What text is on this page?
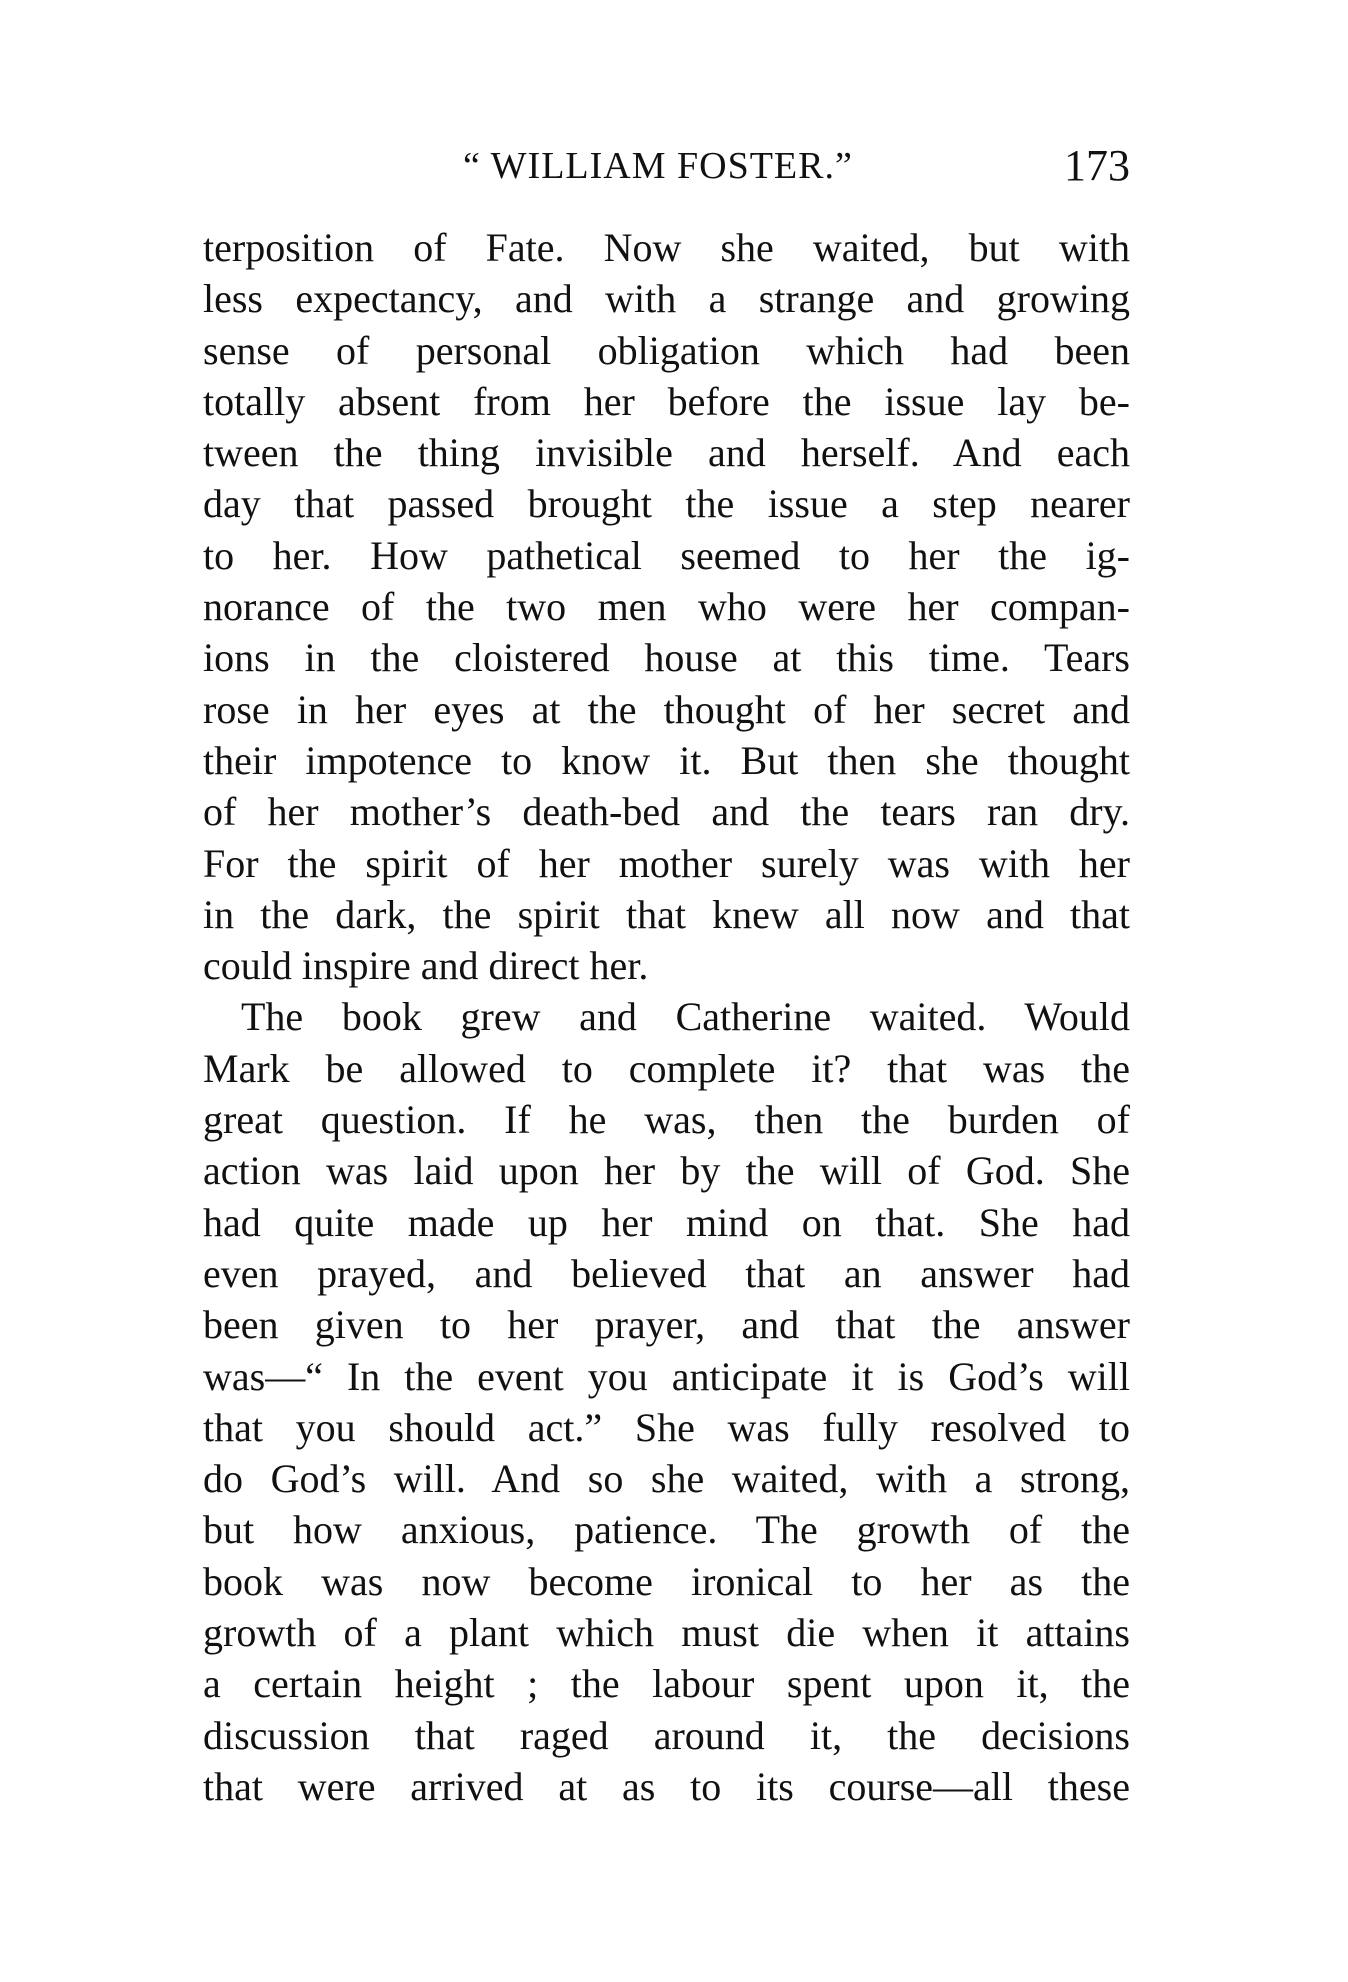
“ WILLIAM FOSTER.”	173
terposition of Fate. Now she waited, but with
less expectancy, and with a strange and growing
sense of personal obligation which had been
totally absent from her before the issue lay be-
tween the thing invisible and herself. And each
day that passed brought the issue a step nearer
to her. How pathetical seemed to her the ig-
norance of the two men who were her compan-
ions in the cloistered house at this time. Tears
rose in her eyes at the thought of her secret and
their impotence to know it. But then she thought
of her mother’s death-bed and the tears ran dry.
For the spirit of her mother surely was with her
in the dark, the spirit that knew all now and that
could inspire and direct her.
The book grew and Catherine waited. Would
Mark be allowed to complete it? that was the
great question. If he was, then the burden of
action was laid upon her by the will of God. She
had quite made up her mind on that. She had
even prayed, and believed that an answer had
been given to her prayer, and that the answer
was—“ In the event you anticipate it is God’s will
that you should act.” She was fully resolved to
do God’s will. And so she waited, with a strong,
but how anxious, patience. The growth of the
book was now become ironical to her as the
growth of a plant which must die when it attains
a certain height ; the labour spent upon it, the
discussion that raged around it, the decisions
that were arrived at as to its course—all these
